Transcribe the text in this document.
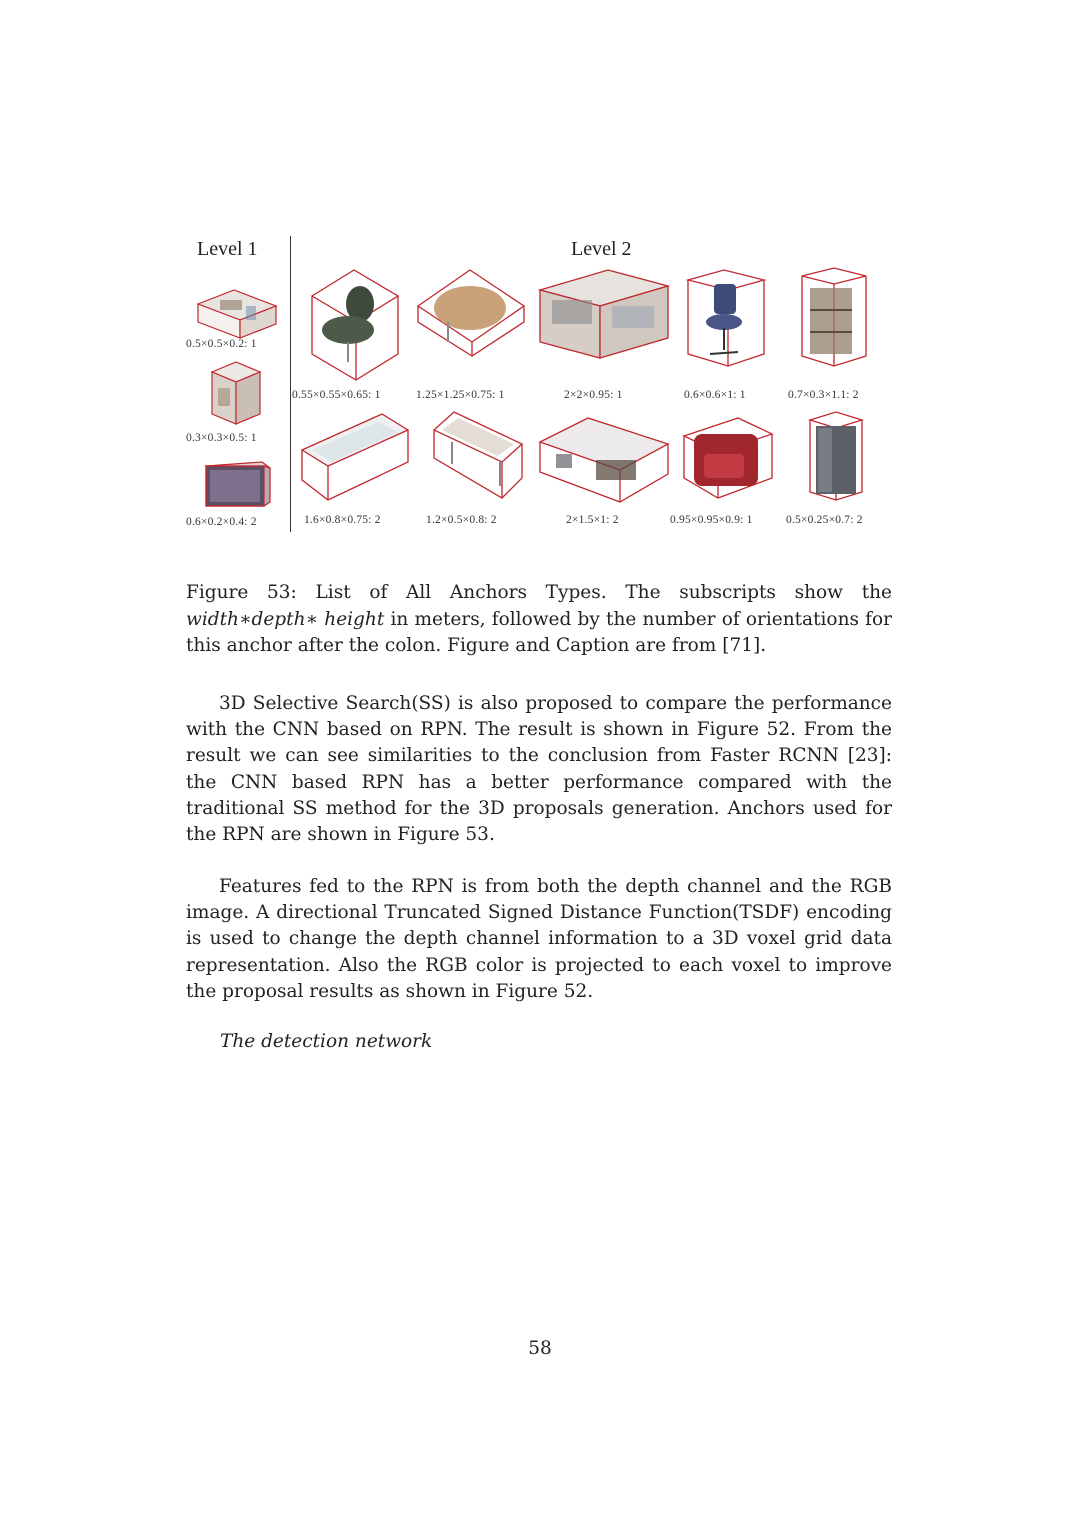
Level 1	Level 2
0.5×0.5×0.2: 1
0.3×0.3×0.5: 1
0.6×0.2×0.4: 2
0.55×0.55×0.65: 1	1.25×1.25×0.75: 1	2×2×0.95: 1	0.6×0.6×1: 1	0.7×0.3×1.1: 2
1.6×0.8×0.75: 2	1.2×0.5×0.8: 2	2×1.5×1: 2	0.95×0.95×0.9: 1	0.5×0.25×0.7: 2
Figure 53: List of All Anchors Types. The subscripts show the width∗depth∗ height in meters, followed by the number of orientations for this anchor after the colon. Figure and Caption are from [71].
3D Selective Search(SS) is also proposed to compare the performance with the CNN based on RPN. The result is shown in Figure 52. From the result we can see similarities to the conclusion from Faster RCNN [23]: the CNN based RPN has a better performance compared with the traditional SS method for the 3D proposals generation. Anchors used for the RPN are shown in Figure 53.
Features fed to the RPN is from both the depth channel and the RGB image. A directional Truncated Signed Distance Function(TSDF) encoding is used to change the depth channel information to a 3D voxel grid data representation. Also the RGB color is projected to each voxel to improve the proposal results as shown in Figure 52.
The detection network
58
